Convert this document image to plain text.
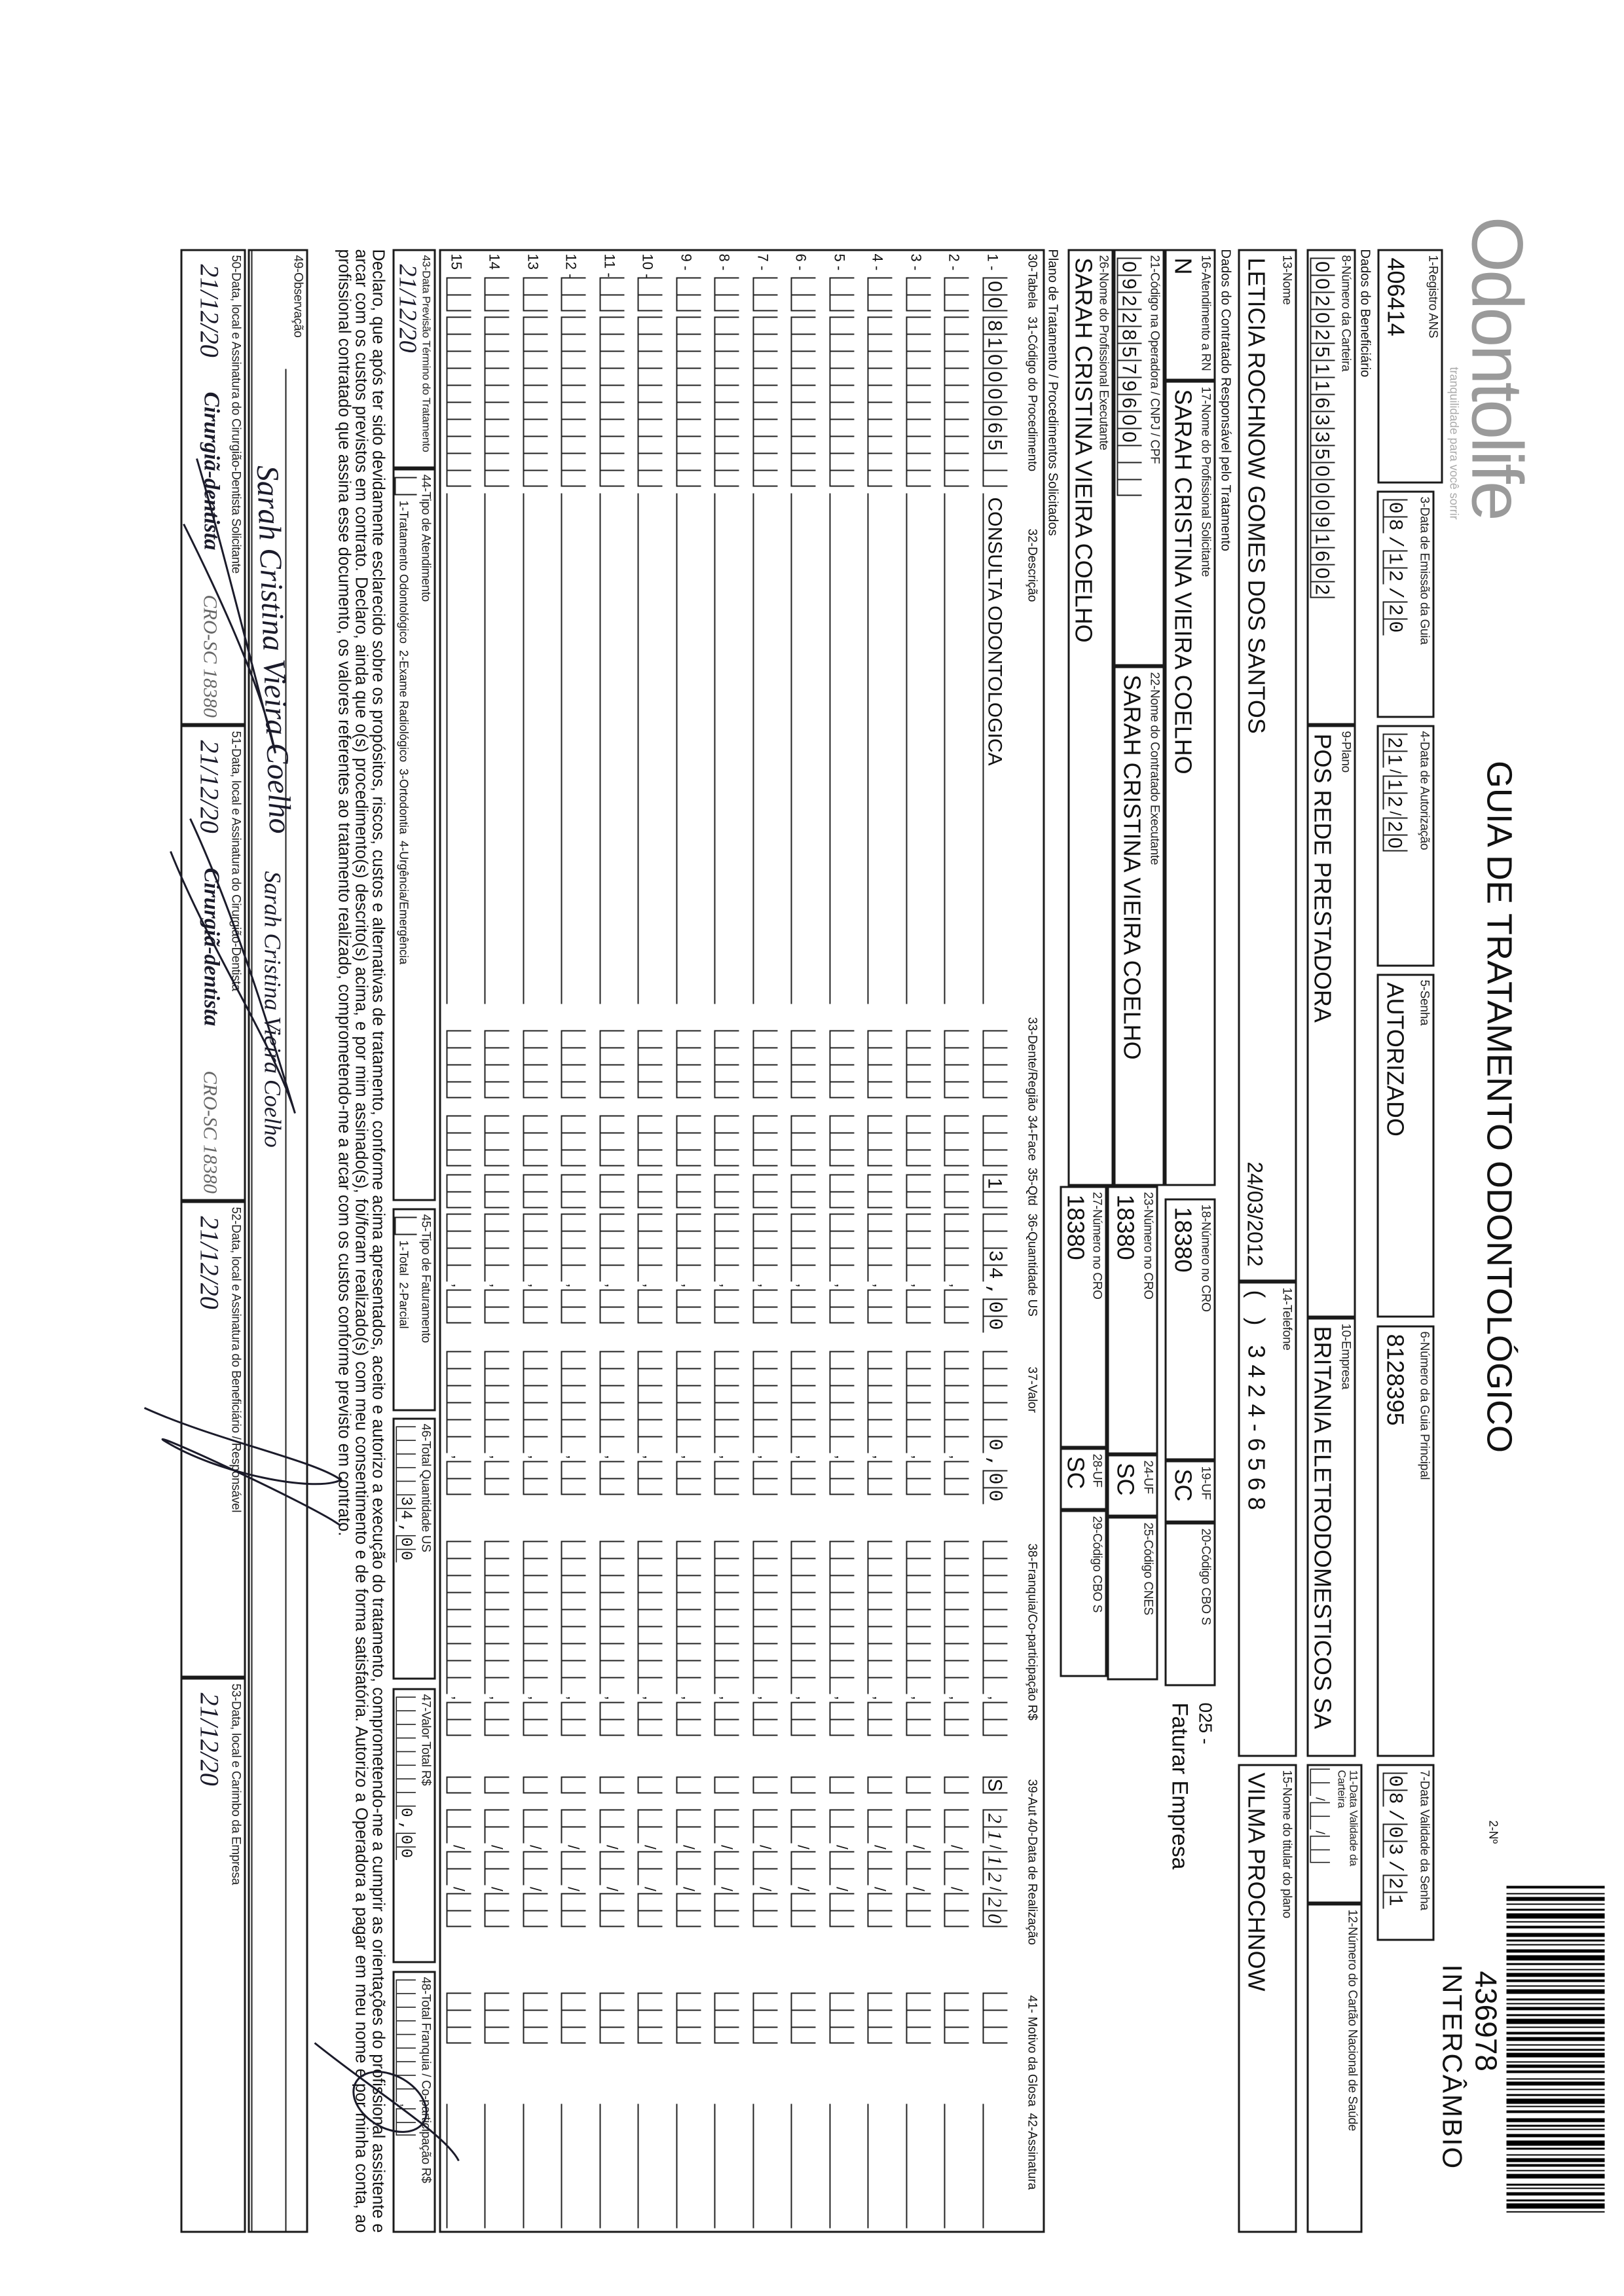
Odontolife
tranquilidade para você sorrir
GUIA DE TRATAMENTO ODONTOLÓGICO
2-Nº
436978
INTERCÂMBIO
1-Registro ANS
406414
3-Data de Emissão da Guia
08/12/20
4-Data de Autorização
2
1
/
1
2
/
2
0
5-Senha
AUTORIZADO
6-Número da Guia Principal
8128395
7-Data Validade da Senha
08/03/21
Dados do Beneficiário
8-Número da Carteira
0
0
2
0
2
5
1
1
6
3
3
5
0
0
0
9
1
6
0
2
9-Plano
POS REDE PRESTADORA
10-Empresa
BRITANIA ELETRODOMESTICOS SA
11-Data Validade da Carteira
/
/
12-Número do Cartão Nacional de Saúde
13-Nome
LETICIA ROCHNOW GOMES DOS SANTOS
24/03/2012
14-Telefone
( ) 3424-6568
15-Nome do titular do plano
VILMA PROCHNOW
Dados do Contratado Responsável pelo Tratamento
16-Atendimento a RN
N
17-Nome do Profissional Solicitante
SARAH CRISTINA VIEIRA COELHO
18-Número no CRO
18380
19-UF
SC
20-Código CBO S
025 -
Faturar Empresa
21-Código na Operadora / CNPJ / CPF
0
9
2
2
8
5
7
9
6
0
0
22-Nome do Contratado Executante
SARAH CRISTINA VIEIRA COELHO
23-Número no CRO
18380
24-UF
SC
25-Código CNES
26-Nome do Profissional Executante
SARAH CRISTINA VIEIRA COELHO
27-Número no CRO
18380
28-UF
SC
29-Código CBO S
Plano de Tratamento / Procedimentos Solicitados
30-Tabela
31-Código do Procedimento
32-Descrição
33-Dente/Região
34-Face
35-Qtd
36-Quantidade US
37-Valor
38-Franquia/Co-participação R$
39-Aut
40-Data de Realização
41- Motivo da Glosa
42-Assinatura
1 -
0
0
8
1
0
0
0
0
6
5
1
34,00
0,00
,
S
2
1
/
1
2
/
2
0
CONSULTA ODONTOLOGICA
2 -
,
,
,
/
/
3 -
,
,
,
/
/
4 -
,
,
,
/
/
5 -
,
,
,
/
/
6 -
,
,
,
/
/
7 -
,
,
,
/
/
8 -
,
,
,
/
/
9 -
,
,
,
/
/
10 -
,
,
,
/
/
11 -
,
,
,
/
/
12 -
,
,
,
/
/
13
,
,
,
/
/
14
,
,
,
/
/
15
,
,
,
/
/
43-Data Previsão Término do Tratamento
21/12/20
44-Tipo de Atendimento
1-Tratamento Odontológico  2-Exame Radiológico  3-Ortodontia  4-Urgência/Emergência
45-Tipo de Faturamento
1-Total  2-Parcial
46-Total Quantidade US
34,00
47-Valor Total R$
0,00
48-Total Franquia / Co-participação R$
,
Declaro, que após ter sido devidamente esclarecido sobre os propósitos, riscos, custos e alternativas de tratamento, conforme acima apresentados, aceito e autorizo a execução do tratamento, comprometendo-me a cumprir as orientações do profissional assistente e arcar com os custos previstos em contrato. Declaro, ainda que o(s) procedimento(s) descrito(s) acima, e por mim assinado(s), foi/foram realizado(s) com meu consentimento e de forma satisfatória. Autorizo a Operadora a pagar em meu nome e por minha conta, ao profissional contratado que assina esse documento, os valores referentes ao tratamento realizado, comprometendo-me a arcar com os custos conforme previsto em contrato.
49-Observação
Sarah Cristina Vieira Coelho
Sarah Cristina Vieira Coelho
50-Data, local e Assinatura do Cirurgião-Dentista Solicitante
21/12/20
Cirurgiã-dentista
CRO-SC 18380
51-Data, local e Assinatura do Cirurgião-Dentista
21/12/20
Cirurgiã-dentista
CRO-SC 18380
52-Data, local e Assinatura do Beneficiário / Responsável
21/12/20
53-Data, local e Carimbo da Empresa
21/12/20
